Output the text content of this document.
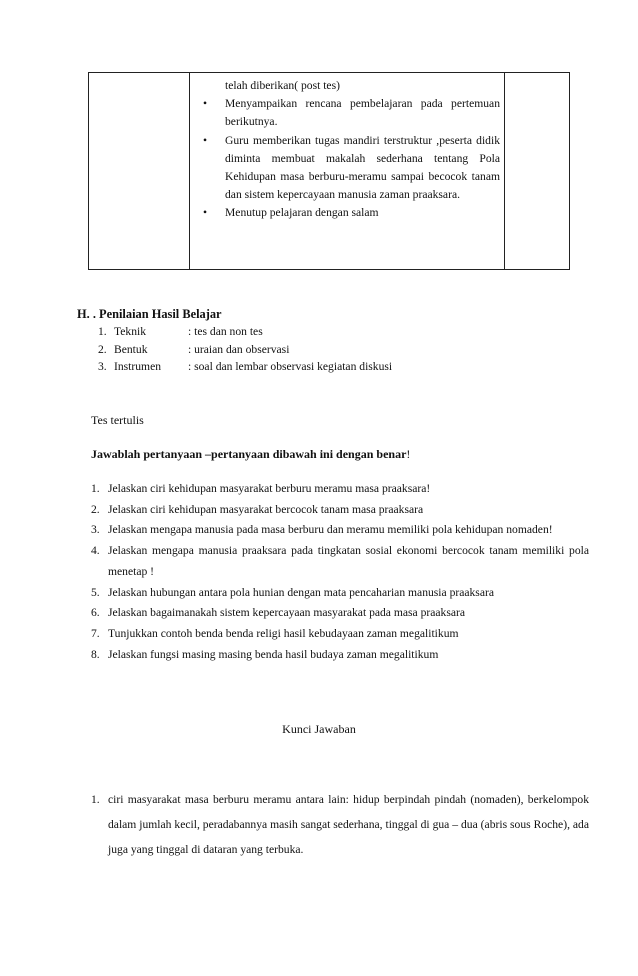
telah diberikan( post tes)
• Menyampaikan rencana pembelajaran pada pertemuan berikutnya.
• Guru memberikan tugas mandiri terstruktur ,peserta didik diminta membuat makalah sederhana tentang Pola Kehidupan masa berburu-meramu sampai becocok tanam dan sistem kepercayaan manusia zaman praaksara.
• Menutup pelajaran dengan salam
H. . Penilaian Hasil Belajar
1. Teknik	: tes dan non tes
2. Bentuk	: uraian dan observasi
3. Instrumen	: soal dan lembar observasi kegiatan diskusi
Tes tertulis
Jawablah pertanyaan –pertanyaan dibawah ini dengan benar!
1. Jelaskan ciri kehidupan masyarakat berburu meramu masa praaksara!
2. Jelaskan ciri kehidupan masyarakat bercocok tanam masa praaksara
3. Jelaskan mengapa manusia pada masa berburu dan meramu memiliki pola kehidupan nomaden!
4. Jelaskan mengapa manusia praaksara pada tingkatan sosial ekonomi bercocok tanam memiliki pola menetap !
5. Jelaskan hubungan antara pola hunian dengan mata pencaharian manusia praaksara
6. Jelaskan bagaimanakah sistem kepercayaan masyarakat pada masa praaksara
7. Tunjukkan contoh benda benda religi hasil kebudayaan zaman megalitikum
8. Jelaskan fungsi masing masing benda hasil budaya zaman megalitikum
Kunci Jawaban
1. ciri masyarakat masa berburu meramu antara lain: hidup berpindah pindah (nomaden), berkelompok dalam jumlah kecil, peradabannya masih sangat sederhana, tinggal di gua – dua (abris sous Roche), ada juga yang tinggal di dataran yang terbuka.
